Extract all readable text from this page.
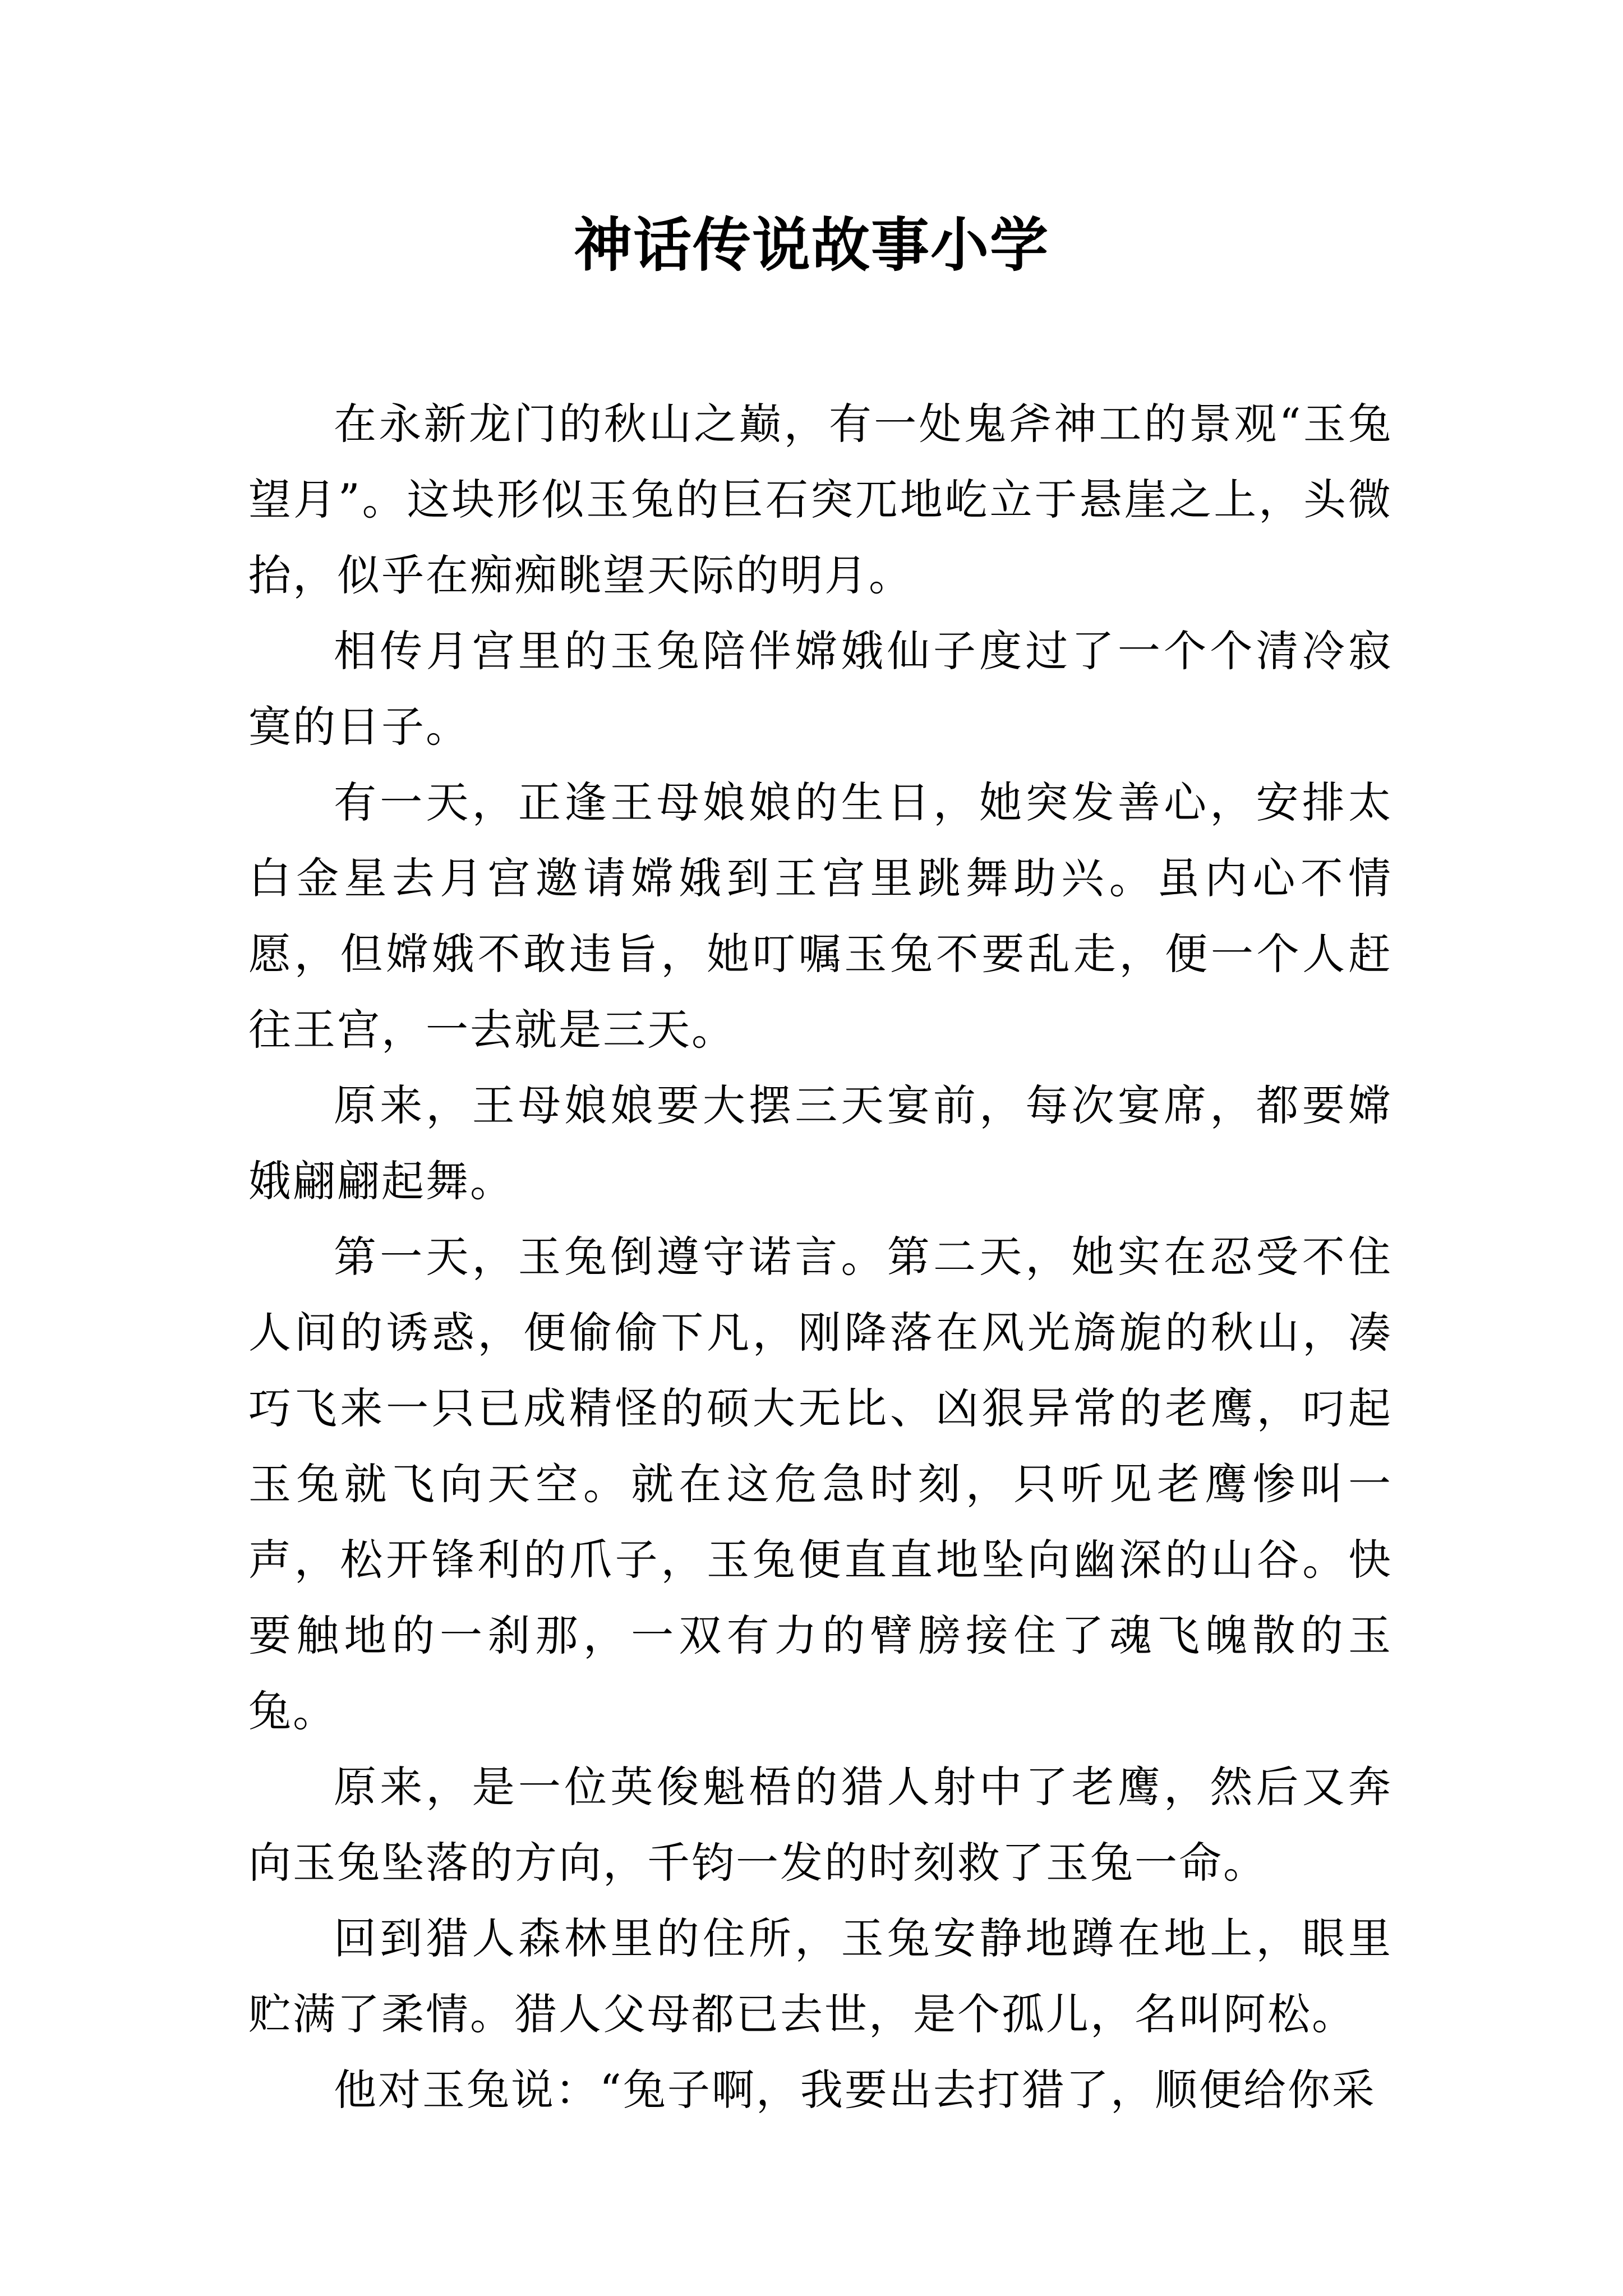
神话传说故事小学

在永新龙门的秋山之巅，有一处鬼斧神工的景观“玉兔望月”。这块形似玉兔的巨石突兀地屹立于悬崖之上，头微抬，似乎在痴痴眺望天际的明月。

相传月宫里的玉兔陪伴嫦娥仙子度过了一个个清冷寂寞的日子。

有一天，正逢王母娘娘的生日，她突发善心，安排太白金星去月宫邀请嫦娥到王宫里跳舞助兴。虽内心不情愿，但嫦娥不敢违旨，她叮嘱玉兔不要乱走，便一个人赶往王宫，一去就是三天。

原来，王母娘娘要大摆三天宴前，每次宴席，都要嫦娥翩翩起舞。

第一天，玉兔倒遵守诺言。第二天，她实在忍受不住人间的诱惑，便偷偷下凡，刚降落在风光旖旎的秋山，凑巧飞来一只已成精怪的硕大无比、凶狠异常的老鹰，叼起玉兔就飞向天空。就在这危急时刻，只听见老鹰惨叫一声，松开锋利的爪子，玉兔便直直地坠向幽深的山谷。快要触地的一刹那，一双有力的臂膀接住了魂飞魄散的玉兔。

原来，是一位英俊魁梧的猎人射中了老鹰，然后又奔向玉兔坠落的方向，千钧一发的时刻救了玉兔一命。

回到猎人森林里的住所，玉兔安静地蹲在地上，眼里贮满了柔情。猎人父母都已去世，是个孤儿，名叫阿松。

他对玉兔说：“兔子啊，我要出去打猎了，顺便给你采
